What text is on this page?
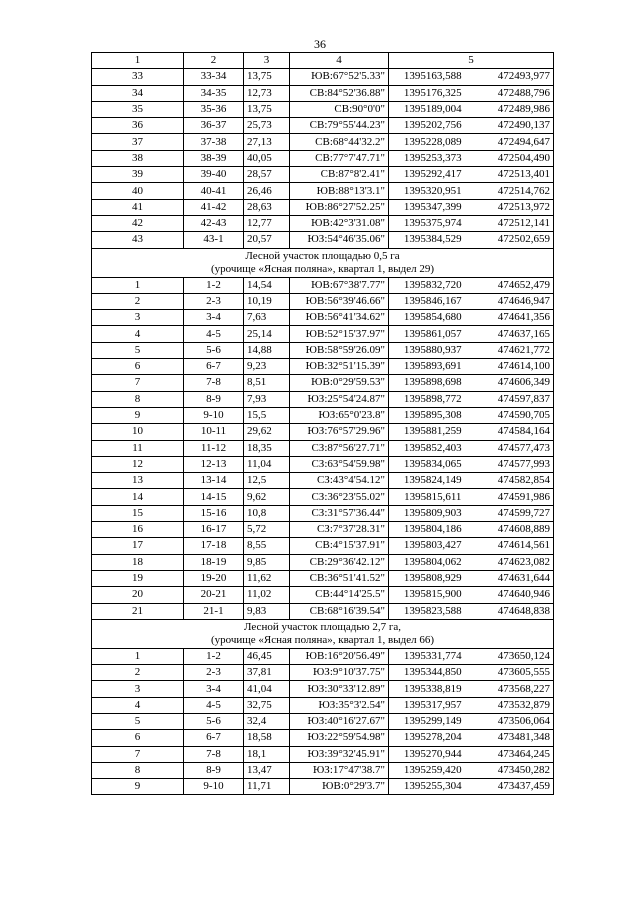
36
1	2	3	4	5	
33	33-34	13,75	ЮВ:67°52'5.33"	1395163,588	472493,977
34	34-35	12,73	СВ:84°52'36.88"	1395176,325	472488,796
35	35-36	13,75	СВ:90°0'0"	1395189,004	472489,986
36	36-37	25,73	СВ:79°55'44.23"	1395202,756	472490,137
37	37-38	27,13	СВ:68°44'32.2"	1395228,089	472494,647
38	38-39	40,05	СВ:77°7'47.71"	1395253,373	472504,490
39	39-40	28,57	СВ:87°8'2.41"	1395292,417	472513,401
40	40-41	26,46	ЮВ:88°13'3.1"	1395320,951	472514,762
41	41-42	28,63	ЮВ:86°27'52.25"	1395347,399	472513,972
42	42-43	12,77	ЮВ:42°3'31.08"	1395375,974	472512,141
43	43-1	20,57	ЮЗ:54°46'35.06"	1395384,529	472502,659

Лесной участок площадью 0,5 га
(урочище «Ясная поляна», квартал 1, выдел 29)					

1	1-2	14,54	ЮВ:67°38'7.77"	1395832,720	474652,479
2	2-3	10,19	ЮВ:56°39'46.66"	1395846,167	474646,947
3	3-4	7,63	ЮВ:56°41'34.62"	1395854,680	474641,356
4	4-5	25,14	ЮВ:52°15'37.97"	1395861,057	474637,165
5	5-6	14,88	ЮВ:58°59'26.09"	1395880,937	474621,772
6	6-7	9,23	ЮВ:32°51'15.39"	1395893,691	474614,100
7	7-8	8,51	ЮВ:0°29'59.53"	1395898,698	474606,349
8	8-9	7,93	ЮЗ:25°54'24.87"	1395898,772	474597,837
9	9-10	15,5	ЮЗ:65°0'23.8"	1395895,308	474590,705
10	10-11	29,62	ЮЗ:76°57'29.96"	1395881,259	474584,164
11	11-12	18,35	СЗ:87°56'27.71"	1395852,403	474577,473
12	12-13	11,04	СЗ:63°54'59.98"	1395834,065	474577,993
13	13-14	12,5	СЗ:43°4'54.12"	1395824,149	474582,854
14	14-15	9,62	СЗ:36°23'55.02"	1395815,611	474591,986
15	15-16	10,8	СЗ:31°57'36.44"	1395809,903	474599,727
16	16-17	5,72	СЗ:7°37'28.31"	1395804,186	474608,889
17	17-18	8,55	СВ:4°15'37.91"	1395803,427	474614,561
18	18-19	9,85	СВ:29°36'42.12"	1395804,062	474623,082
19	19-20	11,62	СВ:36°51'41.52"	1395808,929	474631,644
20	20-21	11,02	СВ:44°14'25.5"	1395815,900	474640,946
21	21-1	9,83	СВ:68°16'39.54"	1395823,588	474648,838

Лесной участок площадью 2,7 га,
(урочище «Ясная поляна», квартал 1, выдел 66)					

1	1-2	46,45	ЮВ:16°20'56.49"	1395331,774	473650,124
2	2-3	37,81	ЮЗ:9°10'37.75"	1395344,850	473605,555
3	3-4	41,04	ЮЗ:30°33'12.89"	1395338,819	473568,227
4	4-5	32,75	ЮЗ:35°3'2.54"	1395317,957	473532,879
5	5-6	32,4	ЮЗ:40°16'27.67"	1395299,149	473506,064
6	6-7	18,58	ЮЗ:22°59'54.98"	1395278,204	473481,348
7	7-8	18,1	ЮЗ:39°32'45.91"	1395270,944	473464,245
8	8-9	13,47	ЮЗ:17°47'38.7"	1395259,420	473450,282
9	9-10	11,71	ЮВ:0°29'3.7"	1395255,304	473437,459
